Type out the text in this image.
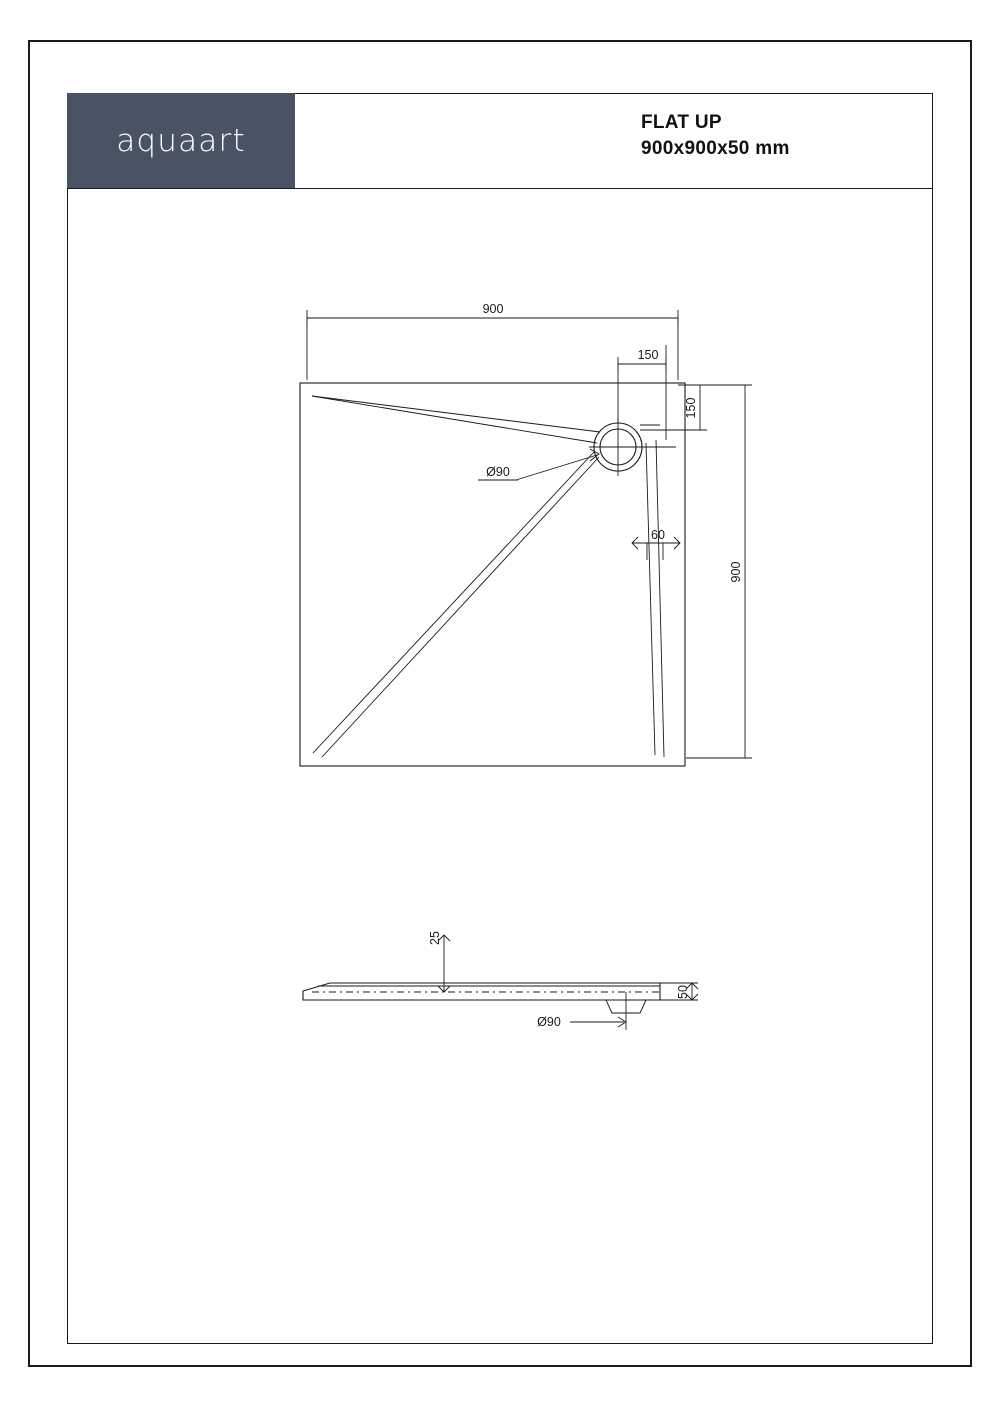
aquaart	FLAT UP
900x900x50 mm
900
150
150
900
60
Ø90
25
50
Ø90
